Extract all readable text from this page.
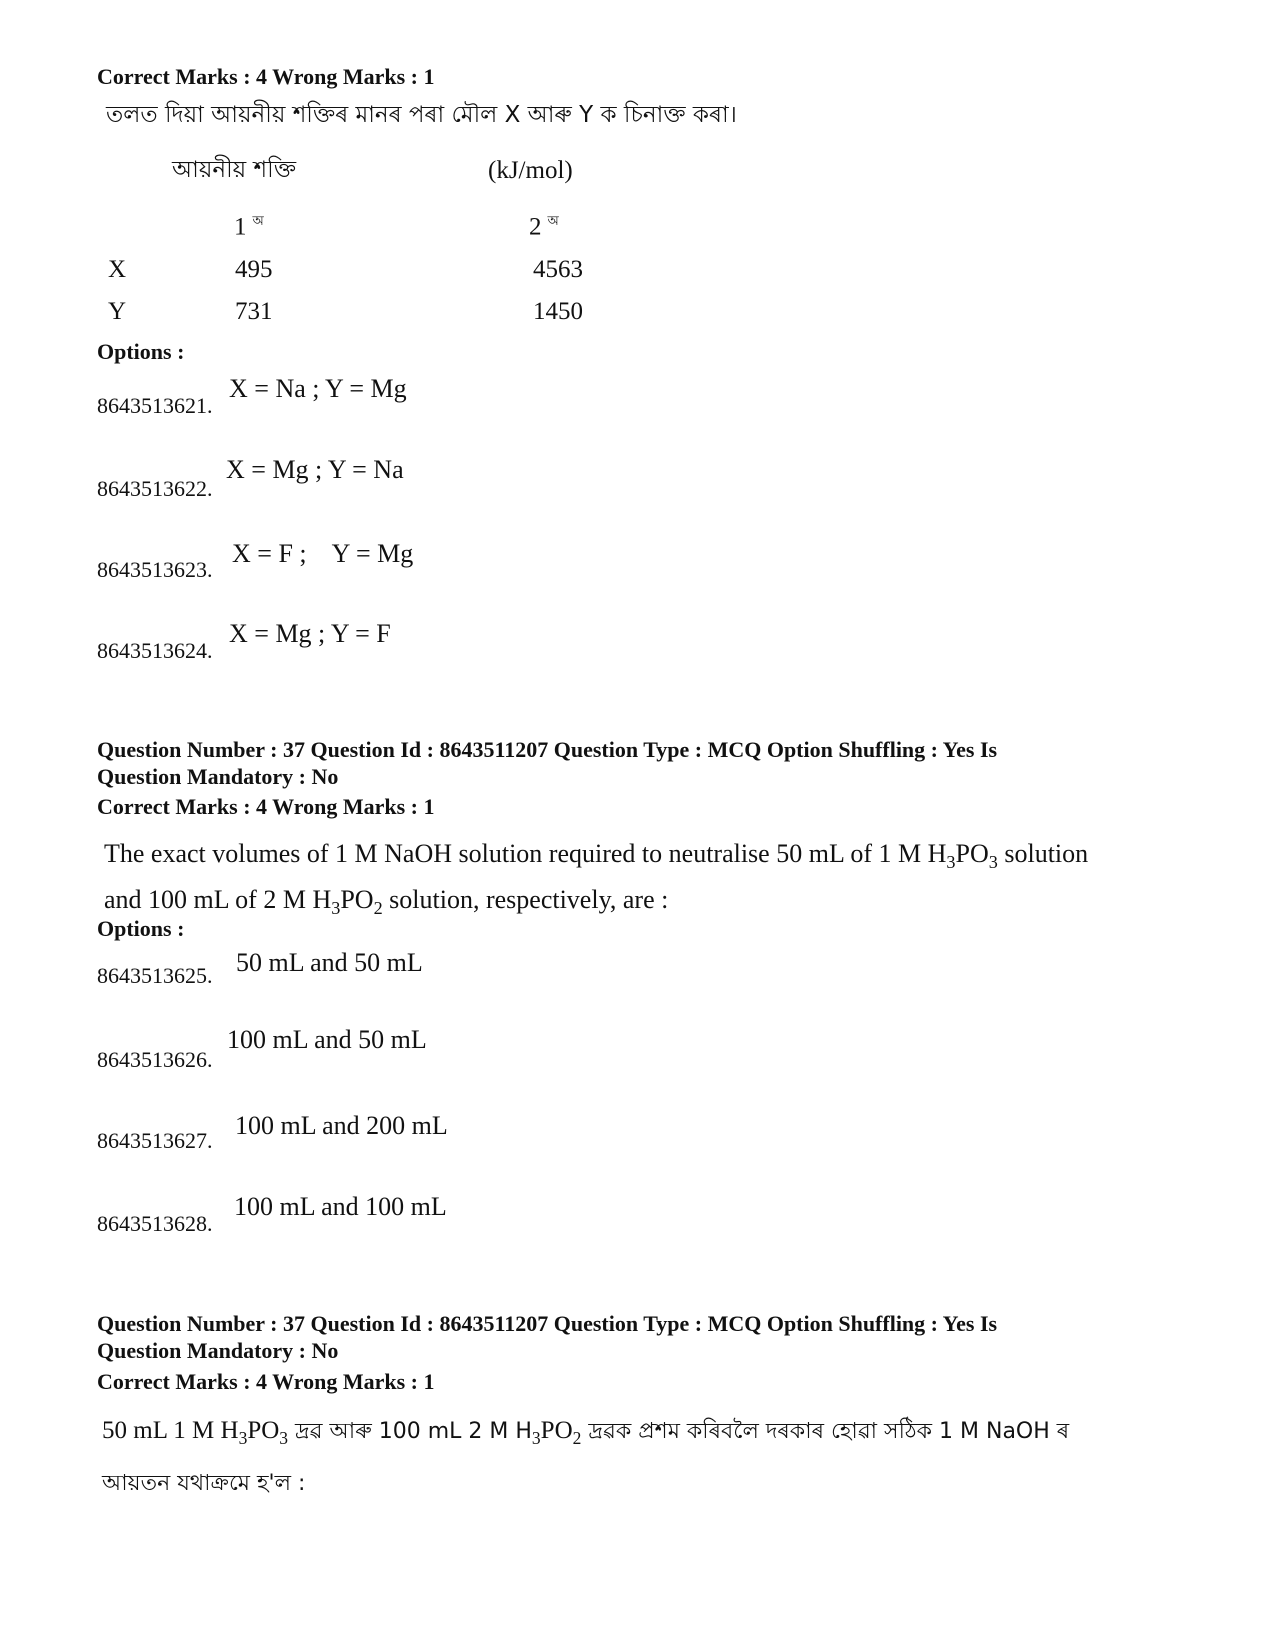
Correct Marks : 4 Wrong Marks : 1
তলত দিয়া আয়নীয় শক্তিৰ মানৰ পৰা মৌল X আৰু Y ক চিনাক্ত কৰা।
আয়নীয় শক্তি	(kJ/mol)
1 $^অ$	2 $^অ$
X	495	4563
Y	731	1450
Options :
8643513621.
X = Na ; Y = Mg
8643513622.
X = Mg ; Y = Na
8643513623.
X = F ;    Y = Mg
8643513624.
X = Mg ; Y = F
Question Number : 37 Question Id : 8643511207 Question Type : MCQ Option Shuffling : Yes Is
Question Mandatory : No
Correct Marks : 4 Wrong Marks : 1
The exact volumes of 1 M NaOH solution required to neutralise 50 mL of 1 M $H_3PO_3$ solution
and 100 mL of 2 M $H_3PO_2$ solution, respectively, are :
Options :
8643513625. 50 mL and 50 mL
8643513626.
100 mL and 50 mL
8643513627.
100 mL and 200 mL
8643513628.
100 mL and 100 mL
Question Number : 37 Question Id : 8643511207 Question Type : MCQ Option Shuffling : Yes Is
Question Mandatory : No
Correct Marks : 4 Wrong Marks : 1
50 mL 1 M $H_3PO_3$ দ্ৰৱ আৰু 100 mL 2 M $H_3PO_2$ দ্ৰৱক প্ৰশম কৰিবলৈ দৰকাৰ হোৱা সঠিক 1 M NaOH ৰ
আয়তন যথাক্ৰমে হ'ল :
